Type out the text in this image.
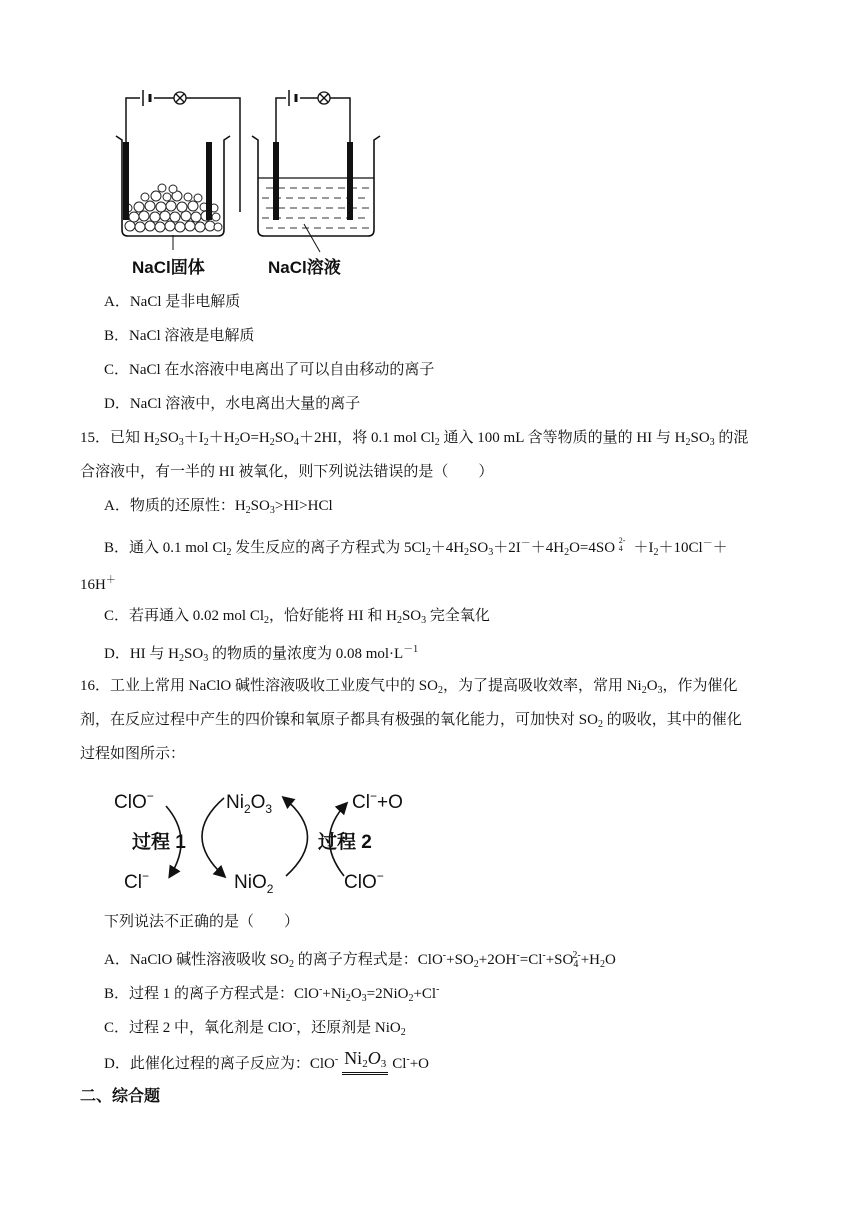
NaCl固体	NaCl溶液
A．NaCl 是非电解质
B．NaCl 溶液是电解质
C．NaCl 在水溶液中电离出了可以自由移动的离子
D．NaCl 溶液中，水电离出大量的离子
15．已知 $H_2SO_3+I_2+H_2O=H_2SO_4+2HI$，将 0.1 mol $Cl_2$ 通入 100 mL 含等物质的量的 HI 与 $H_2SO_3$ 的混
合溶液中，有一半的 HI 被氧化，则下列说法错误的是（　　）
A．物质的还原性：$H_2SO_3>HI>HCl$
B．通入 0.1 mol $Cl_2$ 发生反应的离子方程式为 $5Cl_2+4H_2SO_3+2I^-+4H_2O=4SO$ 2-
$4 +I_2+10Cl^-+$
16H＋
C．若再通入 0.02 mol $Cl_2$，恰好能将 HI 和 $H_2SO_3$ 完全氧化
D．HI 与 $H_2SO_3$ 的物质的量浓度为 0.08 $mol\cdot L^{-1}$
16．工业上常用 NaClO 碱性溶液吸收工业废气中的 $SO_2$，为了提高吸收效率，常用 $Ni_2O_3$，作为催化
剂，在反应过程中产生的四价镍和氧原子都具有极强的氧化能力，可加快对 $SO_2$ 的吸收，其中的催化
过程如图所示：
ClO−	$Ni_2O_3$	Cl−+O
过程 1	过程 2
Cl−	NiO$_2$	ClO−
下列说法不正确的是（　　）
A．NaClO 碱性溶液吸收 $SO_2$ 的离子方程式是：$ClO^-+SO_2+2OH^-=Cl^-+SO_4^{2-}+H_2O$
B．过程 1 的离子方程式是：$ClO^-+Ni_2O_3=2NiO_2+Cl^-$
C．过程 2 中，氧化剂是 ClO-，还原剂是 NiO$_2$
D．此催化过程的离子反应为：ClO- $Ni_2O_3$ Cl-+O
二、综合题
